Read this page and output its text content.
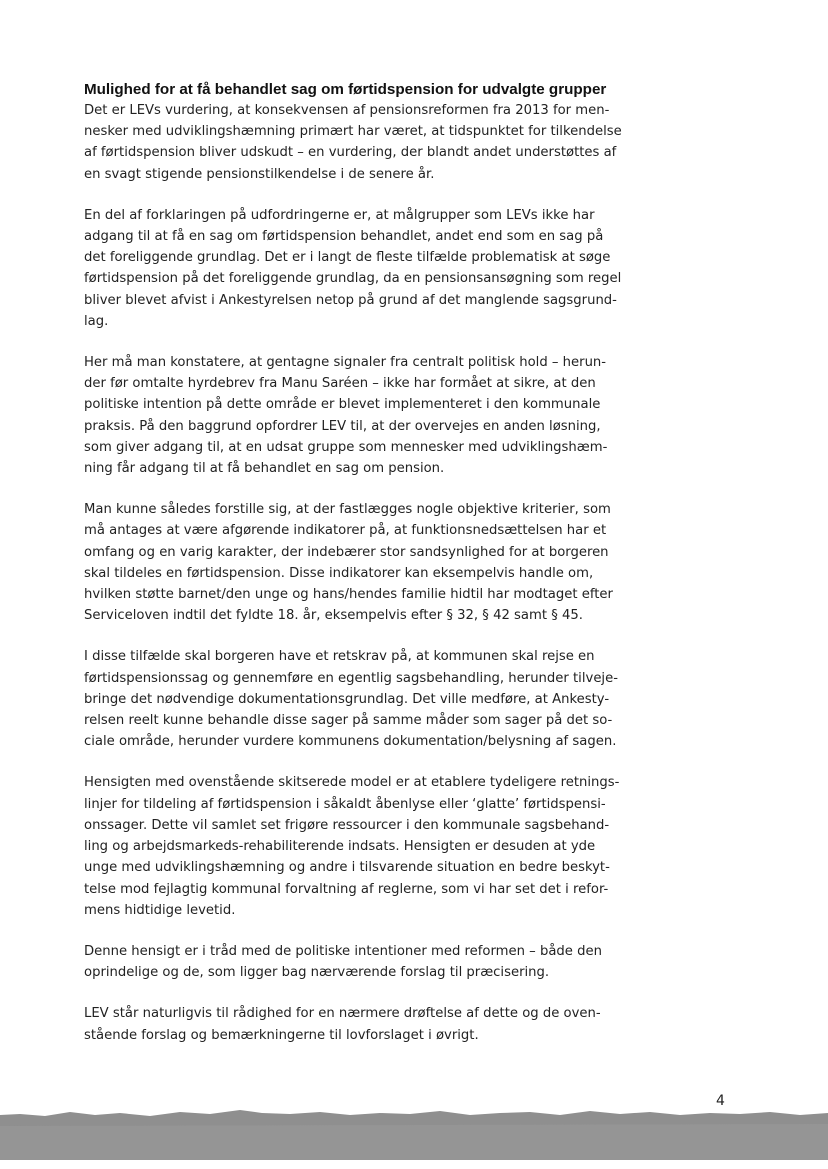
Mulighed for at få behandlet sag om førtidspension for udvalgte grupper

Det er LEVs vurdering, at konsekvensen af pensionsreformen fra 2013 for men-
nesker med udviklingshæmning primært har været, at tidspunktet for tilkendelse
af førtidspension bliver udskudt – en vurdering, der blandt andet understøttes af
en svagt stigende pensionstilkendelse i de senere år.

En del af forklaringen på udfordringerne er, at målgrupper som LEVs ikke har
adgang til at få en sag om førtidspension behandlet, andet end som en sag på
det foreliggende grundlag. Det er i langt de fleste tilfælde problematisk at søge
førtidspension på det foreliggende grundlag, da en pensionsansøgning som regel
bliver blevet afvist i Ankestyrelsen netop på grund af det manglende sagsgrund-
lag.

Her må man konstatere, at gentagne signaler fra centralt politisk hold – herun-
der før omtalte hyrdebrev fra Manu Saréen – ikke har formået at sikre, at den
politiske intention på dette område er blevet implementeret i den kommunale
praksis. På den baggrund opfordrer LEV til, at der overvejes en anden løsning,
som giver adgang til, at en udsat gruppe som mennesker med udviklingshæm-
ning får adgang til at få behandlet en sag om pension.

Man kunne således forstille sig, at der fastlægges nogle objektive kriterier, som
må antages at være afgørende indikatorer på, at funktionsnedsættelsen har et
omfang og en varig karakter, der indebærer stor sandsynlighed for at borgeren
skal tildeles en førtidspension. Disse indikatorer kan eksempelvis handle om,
hvilken støtte barnet/den unge og hans/hendes familie hidtil har modtaget efter
Serviceloven indtil det fyldte 18. år, eksempelvis efter § 32, § 42 samt § 45.

I disse tilfælde skal borgeren have et retskrav på, at kommunen skal rejse en
førtidspensionssag og gennemføre en egentlig sagsbehandling, herunder tilveje-
bringe det nødvendige dokumentationsgrundlag. Det ville medføre, at Ankesty-
relsen reelt kunne behandle disse sager på samme måder som sager på det so-
ciale område, herunder vurdere kommunens dokumentation/belysning af sagen.

Hensigten med ovenstående skitserede model er at etablere tydeligere retnings-
linjer for tildeling af førtidspension i såkaldt åbenlyse eller ‘glatte’ førtidspensi-
onssager. Dette vil samlet set frigøre ressourcer i den kommunale sagsbehand-
ling og arbejdsmarkeds-rehabiliterende indsats. Hensigten er desuden at yde
unge med udviklingshæmning og andre i tilsvarende situation en bedre beskyt-
telse mod fejlagtig kommunal forvaltning af reglerne, som vi har set det i refor-
mens hidtidige levetid.

Denne hensigt er i tråd med de politiske intentioner med reformen – både den
oprindelige og de, som ligger bag nærværende forslag til præcisering.

LEV står naturligvis til rådighed for en nærmere drøftelse af dette og de oven-
stående forslag og bemærkningerne til lovforslaget i øvrigt.

4
